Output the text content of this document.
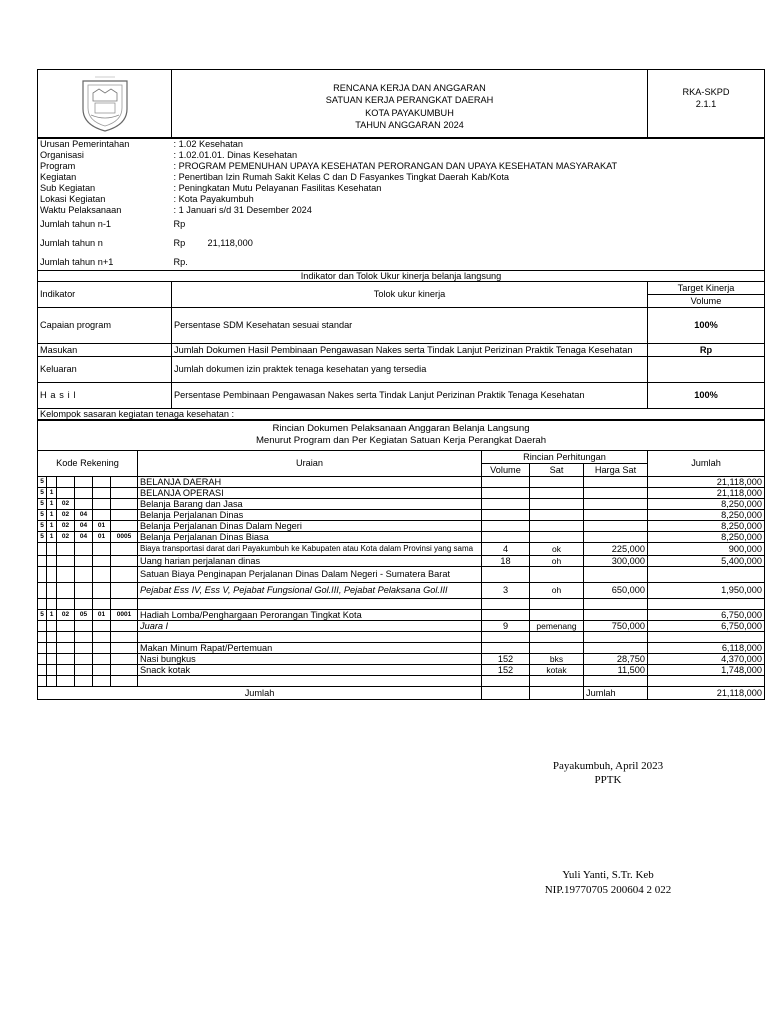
RENCANA KERJA DAN ANGGARAN
SATUAN KERJA PERANGKAT DAERAH
KOTA PAYAKUMBUH
TAHUN ANGGARAN 2024

RKA-SKPD
2.1.1
Urusan Pemerintahan	: 1.02 Kesehatan
Organisasi	: 1.02.01.01. Dinas Kesehatan
Program	: PROGRAM PEMENUHAN UPAYA KESEHATAN PERORANGAN DAN UPAYA KESEHATAN MASYARAKAT
Kegiatan	: Penertiban Izin Rumah Sakit Kelas C dan D Fasyankes Tingkat Daerah Kab/Kota
Sub Kegiatan	: Peningkatan Mutu Pelayanan Fasilitas Kesehatan
Lokasi Kegiatan	: Kota Payakumbuh
Waktu Pelaksanaan	: 1 Januari s/d 31 Desember 2024
Jumlah tahun n-1	Rp	
Jumlah tahun n	Rp	21,118,000
Jumlah tahun n+1	Rp.	
Indikator dan Tolok Ukur kinerja belanja langsung		
Indikator	Tolok ukur kinerja	Target Kinerja
		Volume
Capaian program	Persentase SDM Kesehatan sesuai standar	100%
Masukan	Jumlah Dokumen Hasil Pembinaan Pengawasan Nakes serta Tindak Lanjut Perizinan Praktik Tenaga Kesehatan	Rp
Keluaran	Jumlah dokumen izin praktek tenaga kesehatan yang tersedia	
H a s i l	Persentase Pembinaan Pengawasan Nakes serta Tindak Lanjut Perizinan Praktik Tenaga Kesehatan	100%
Kelompok sasaran kegiatan tenaga kesehatan :		
Rincian Dokumen Pelaksanaan Anggaran Belanja Langsung
Menurut Program dan Per Kegiatan Satuan Kerja Perangkat Daerah										

Kode Rekening						Uraian	Rincian Perhitungan			Jumlah
							Volume	Sat	Harga Sat	
5						BELANJA DAERAH				21,118,000
5	1					BELANJA OPERASI				21,118,000
5	1	02				Belanja Barang dan Jasa				8,250,000
5	1	02	04			Belanja Perjalanan Dinas				8,250,000
5	1	02	04	01		Belanja Perjalanan Dinas Dalam Negeri				8,250,000
5	1	02	04	01	0005	Belanja Perjalanan Dinas Biasa				8,250,000
						Biaya transportasi darat dari Payakumbuh ke Kabupaten atau Kota dalam Provinsi yang sama	4	ok	225,000	900,000
						Uang harian perjalanan dinas	18	oh	300,000	5,400,000
						Satuan Biaya Penginapan Perjalanan Dinas Dalam Negeri - Sumatera Barat				
						Pejabat Ess IV, Ess V, Pejabat Fungsional Gol.III, Pejabat Pelaksana Gol.III	3	oh	650,000	1,950,000

5	1	02	05	01	0001	Hadiah Lomba/Penghargaan Perorangan Tingkat Kota				6,750,000
						Juara I	9	pemenang	750,000	6,750,000

						Makan Minum Rapat/Pertemuan				6,118,000
						Nasi bungkus	152	bks	28,750	4,370,000
						Snack kotak	152	kotak	11,500	1,748,000

Jumlah									Jumlah	21,118,000
Payakumbuh, April 2023
PPTK
Yuli Yanti, S.Tr. Keb
NIP.19770705 200604 2 022
